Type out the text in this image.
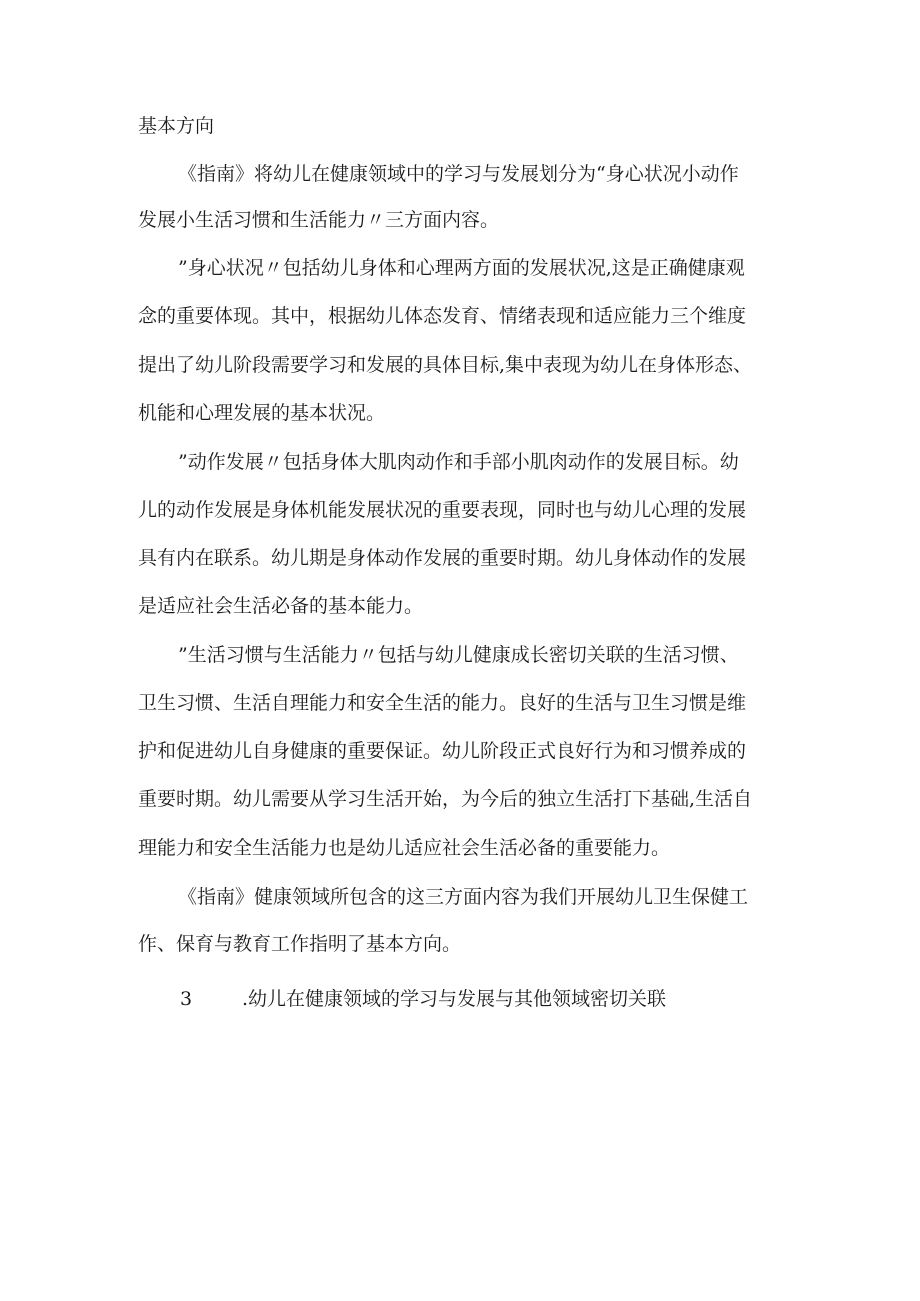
基本方向

《指南》将幼儿在健康领域中的学习与发展划分为“身心状况小动作

发展小生活习惯和生活能力〃三方面内容。

”身心状况〃包括幼儿身体和心理两方面的发展状况,这是正确健康观

念的重要体现。其中，根据幼儿体态发育、情绪表现和适应能力三个维度

提出了幼儿阶段需要学习和发展的具体目标,集中表现为幼儿在身体形态、

机能和心理发展的基本状况。

”动作发展〃包括身体大肌肉动作和手部小肌肉动作的发展目标。幼

儿的动作发展是身体机能发展状况的重要表现，同时也与幼儿心理的发展

具有内在联系。幼儿期是身体动作发展的重要时期。幼儿身体动作的发展

是适应社会生活必备的基本能力。

”生活习惯与生活能力〃包括与幼儿健康成长密切关联的生活习惯、

卫生习惯、生活自理能力和安全生活的能力。良好的生活与卫生习惯是维

护和促进幼儿自身健康的重要保证。幼儿阶段正式良好行为和习惯养成的

重要时期。幼儿需要从学习生活开始，为今后的独立生活打下基础,生活自

理能力和安全生活能力也是幼儿适应社会生活必备的重要能力。

《指南》健康领域所包含的这三方面内容为我们开展幼儿卫生保健工

作、保育与教育工作指明了基本方向。

3	.幼儿在健康领域的学习与发展与其他领域密切关联
